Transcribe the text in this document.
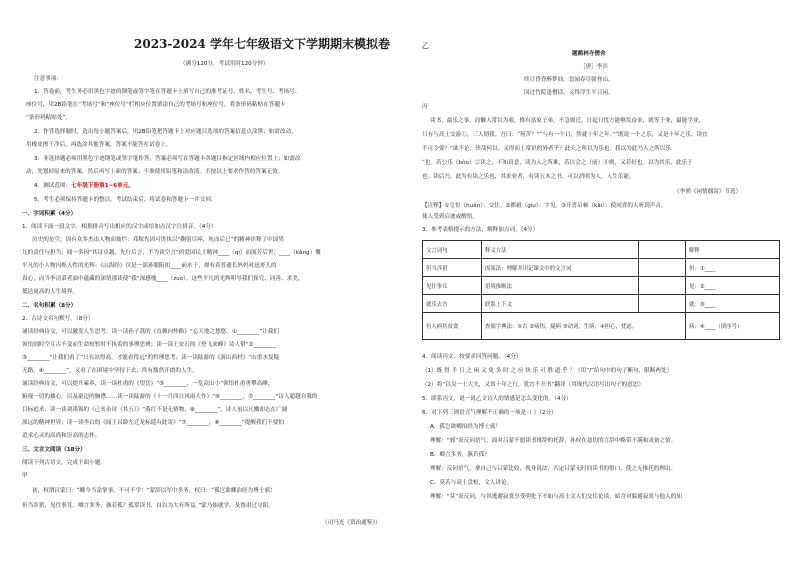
2023-2024 学年七年级语文下学期期末模拟卷
（满分120分，考试用时120分钟）
注意事项：
1．答卷前，考生务必用黑色字迹的钢笔或签字笔在答题卡上填写自己的准考证号、姓名、考生号、考场号、
座位号，用2B铅笔在“考场号”和“座位号”栏相应位置填涂自己的考场号和座位号，将条形码粘贴在答题卡
“条形码粘贴处”。
2．作答选择题时，选出每小题答案后，用2B铅笔把答题卡上对应题目选项的答案信息点涂黑；如需改动，
用橡皮擦干净后，再选涂其他答案，答案不能答在试卷上。
3．非选择题必须用黑色字迹钢笔或签字笔作答，答案必须写在答题卡各题目指定区域内相应位置上；如需改
动，先划掉原来的答案，然后再写上新的答案；不准使用铅笔和涂改液。不按以上要求作答的答案无效。
4．测试范围：七年级下册第1~6单元。
5．考生必须保持答题卡的整洁。考试结束后，将试卷和答题卡一并交回。
一、字词积累（4分）
1．阅读下面一段文字，根据拼音写出相应的汉字或给加点汉字注拼音。（4分）
历史的星空，因有众多杰出人物而灿烂：邓稼先因可贵执以“鞠躬尽瘁，死而后已”的精神诠释了中国男
儿的责任与担当；闻一多因“其诗卓越，先行后言，不为谈空言”的爱国民主精神____（qi）而流芳后世；____（kǎng）慨
平凡的小人物闪烁人性的光辉：《山海经》仅是一部孙眼阳扣____前水于，却有着普通长妈妈对迅哥儿的
真心，而当李清菜者油中蕴藏的深情那读使“我”深感愧____（zuò）。这些平凡的光辉叩导我们探究、同善、求美，
抵达更高的人生境界。
二、名句积累（8分）
2．古诗文名句默写。（8分）
诵读经典诗文，可以激发人生思考。读一读孙子荔的《直赖向仲路》“忘天地之悠悠，①________”让我们
领悟到时空互古不变而生命短暂时不执着的事理思辨；读一读王安石的《登飞来峰》诗人借“②________
③________”让我们看了“只有站得高，才能看得远”的哲理思考；读一读陆游的《游山西村》“山重水复疑
无路，④________”，又看了在困境中坚持下去，终有豁然开朗的人生。
诵读经典诗文，可以提升素养，读一读杜甫的《望岳》“⑤________，一览众山小”领悟杜甫勇攀高峰、
俯视一切的雄心，以及豪迈的胸襟……读一读陆游的《十一月四日风雨大作》“⑥________，⑦________”诗人超越自我的
目标追求；读一读刘禹锡的《己亥杂诗（其五）》“落红不是无情物，⑧________”，诗人虽以凡嫩却志在广阔
深远的精神世界；读一读李白的《闻王昌龄左迁龙标遥有此寄》“⑦________，⑧________”提醒我们不要怕
追求心灵的高尚和崇高的志怀。
三、文言文阅读（18分）
阅读下列古诗文，完成下面小题。
甲
初，权谓吕蒙曰：“卿今当涂掌事，不可不学！”蒙辞以军中多务。权曰：“孤岂欲卿治经为博士邪！
但当涉猎，见往事耳。卿言多务，孰若孤？孤常读书，自以为大有所益。”蒙乃始就学。及鲁肃过寻阳，
（司马光《资治通鉴》）
乙
题鹤林寺僧舍
［唐］李涉
终日昏昏醉梦间，忽闻春尽强登山。
因过竹院逢僧话，又得浮生半日闲。
丙
读书，最乐之事。而懒人常以为艰。惟有富家子弟，不急则迁，日起日忧方能够发奋求，就等于业，最能学业，
只有与高士交游①，三人谓我。吾曰：“何苦？”“与有一个日，然就十年之年。”“既说一个之乐，又是十年之乐。读宜
不可令要？”欲不论，快哉何以。又得而士常识的外者乎？此天之所以为乐也。我以为此乃人之所以乐
“也。若公乐（hòu）②读之，不知真意，读为人之所难，若以会之（前）⑧则，又若好也。以为其乐，此乐于
也。读后乃，此为有读之乐也，其求业者，有读五本之书，可以消明为人，人生乐能。
（李渔《闲情偶寄》节选）
【注释】①皇恒（huán）：交往。②都毅（gìu）：宇见。③开喜启顿（kāi）：使同喜的人听到声音，
使人受到启迪或醒悟。
3．参考表格提示的方法，解释加点词。（4分）
文言词句	释义方法		解释
但当涉猎	因果法：理解并识记课文中的文言词		但：①____
见往事耳	语境推断法		见：②____
就乐去吾	联系上下文		就：③____
有人病其贫寞	查阅字典法：①古 ②病伤，疑病 ③动词，生病；④担心，忧虑。		病：④____（填序号）
4．阅读丙文，按要求回答问题。（4分）
（1）既 得 半 日 之 闲 又 免 多 时 之 应 快 乐 可 胜 道 乎 ？（用“/”给句中的句子断句，限断两处）
（2）将“以吴一士大夫，又省十年之行，犹宜不开书”翻译（用现代汉语写出句子的意思）
5．联系丙文，说一说乙文诗人的情感是怎么变化的。（4分）
6．对下列三则语言气理解不正确的一项是（ ）（2分）
A．孤岂欲卿治经为博士邪！
理解：“邪”表反问语气，面对吕蒙不愿读书推辞的托辞，孙权在恳切的言辞中略带不满和责备之情。
B．卿言多务，孰若孤？
理解：反问语气，拿自己与吕蒙比较，现身说法，否定吕蒙无时间读书的借口，使之无推托的理由。
C．莫若与高士盘桓，文人讲论。
理解：“莫”表反问，与其逃避寂寞享受明化下不如与高士文人们交往论谈，暗含对躲避寂寞与他人的知
